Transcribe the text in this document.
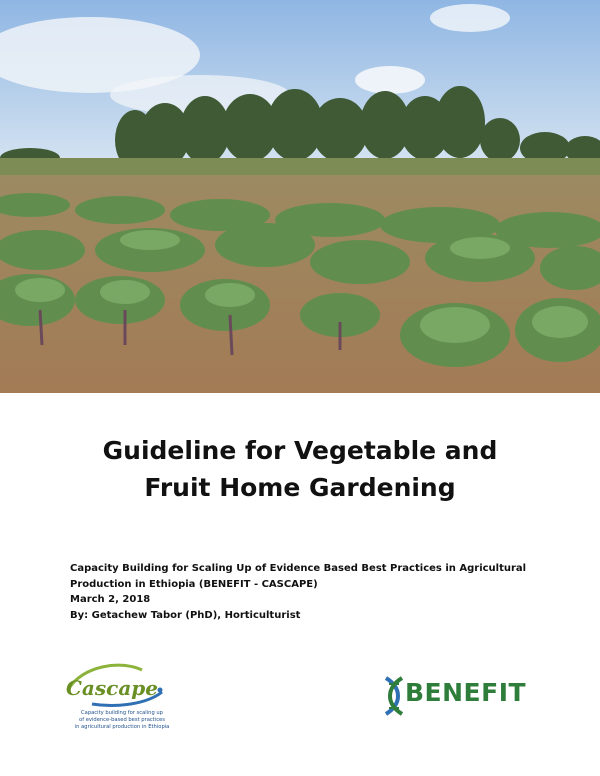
Guideline for Vegetable and
Fruit Home Gardening
Capacity Building for Scaling Up of Evidence Based Best Practices in Agricultural
Production in Ethiopia (BENEFIT - CASCAPE)
March 2, 2018
By: Getachew Tabor (PhD), Horticulturist
Cascape
Capacity building for scaling up
of evidence-based best practices
in agricultural production in Ethiopia
BENEFIT
